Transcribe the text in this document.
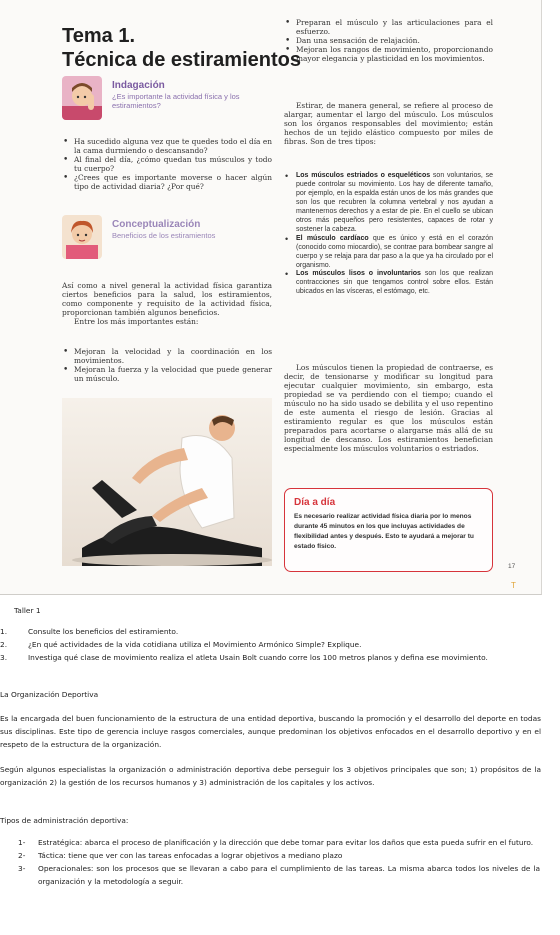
Tema 1.
Técnica de estiramientos
Indagación
¿Es importante la actividad física y los estiramientos?
• Ha sucedido alguna vez que te quedes todo el día en la cama durmiendo o descansando?
• Al final del día, ¿cómo quedan tus músculos y todo tu cuerpo?
• ¿Crees que es importante moverse o hacer algún tipo de actividad diaria? ¿Por qué?
Conceptualización
Beneficios de los estiramientos

Así como a nivel general la actividad física garantiza ciertos beneficios para la salud, los estiramientos, como componente y requisito de la actividad física, proporcionan también algunos beneficios.

Entre los más importantes están:

• Mejoran la velocidad y la coordinación en los movimientos.
• Mejoran la fuerza y la velocidad que puede generar un músculo.
• Preparan el músculo y las articulaciones para el esfuerzo.
• Dan una sensación de relajación.
• Mejoran los rangos de movimiento, proporcionando mayor elegancia y plasticidad en los movimientos.
Estirar, de manera general, se refiere al proceso de alargar, aumentar el largo del músculo. Los músculos son los órganos responsables del movimiento; están hechos de un tejido elástico compuesto por miles de fibras. Son de tres tipos:
• Los músculos estriados o esqueléticos son voluntarios, se puede controlar su movimiento. Los hay de diferente tamaño, por ejemplo, en la espalda están unos de los más grandes que son los que recubren la columna vertebral y nos ayudan a mantenernos derechos y a estar de pie. En el cuello se ubican otros más pequeños pero resistentes, capaces de rotar y sostener la cabeza.
• El músculo cardíaco que es único y está en el corazón (conocido como miocardio), se contrae para bombear sangre al cuerpo y se relaja para dar paso a la que ya ha circulado por el organismo.
• Los músculos lisos o involuntarios son los que realizan contracciones sin que tengamos control sobre ellos. Están ubicados en las vísceras, el estómago, etc.
Los músculos tienen la propiedad de contraerse, es decir, de tensionarse y modificar su longitud para ejecutar cualquier movimiento, sin embargo, esta propiedad se va perdiendo con el tiempo; cuando el músculo no ha sido usado se debilita y el uso repentino de este aumenta el riesgo de lesión. Gracias al estiramiento regular es que los músculos están preparados para acortarse o alargarse más allá de su longitud de descanso. Los estiramientos benefician especialmente los músculos voluntarios o estriados.
Día a día
Es necesario realizar actividad física diaria por lo menos durante 45 minutos en los que incluyas actividades de flexibilidad antes y después. Esto te ayudará a mejorar tu estado físico.
17
T
Taller 1
1.	Consulte los beneficios del estiramiento.
2.	¿En qué actividades de la vida cotidiana utiliza el Movimiento Armónico Simple? Explique.
3.	Investiga qué clase de movimiento realiza el atleta Usain Bolt cuando corre los 100 metros planos y defina ese movimiento.
La Organización Deportiva
Es la encargada del buen funcionamiento de la estructura de una entidad deportiva, buscando la promoción y el desarrollo del deporte en todas sus disciplinas. Este tipo de gerencia incluye rasgos comerciales, aunque predominan los objetivos enfocados en el desarrollo deportivo y en el respeto de la estructura de la organización.
Según algunos especialistas la organización o administración deportiva debe perseguir los 3 objetivos principales que son; 1) propósitos de la organización 2) la gestión de los recursos humanos y 3) administración de los capitales y los activos.
Tipos de administración deportiva:
1- Estratégica: abarca el proceso de planificación y la dirección que debe tomar para evitar los daños que esta pueda sufrir en el futuro.
2- Táctica: tiene que ver con las tareas enfocadas a lograr objetivos a mediano plazo
3- Operacionales: son los procesos que se llevaran a cabo para el cumplimiento de las tareas. La misma abarca todos los niveles de la organización y la metodología a seguir.
